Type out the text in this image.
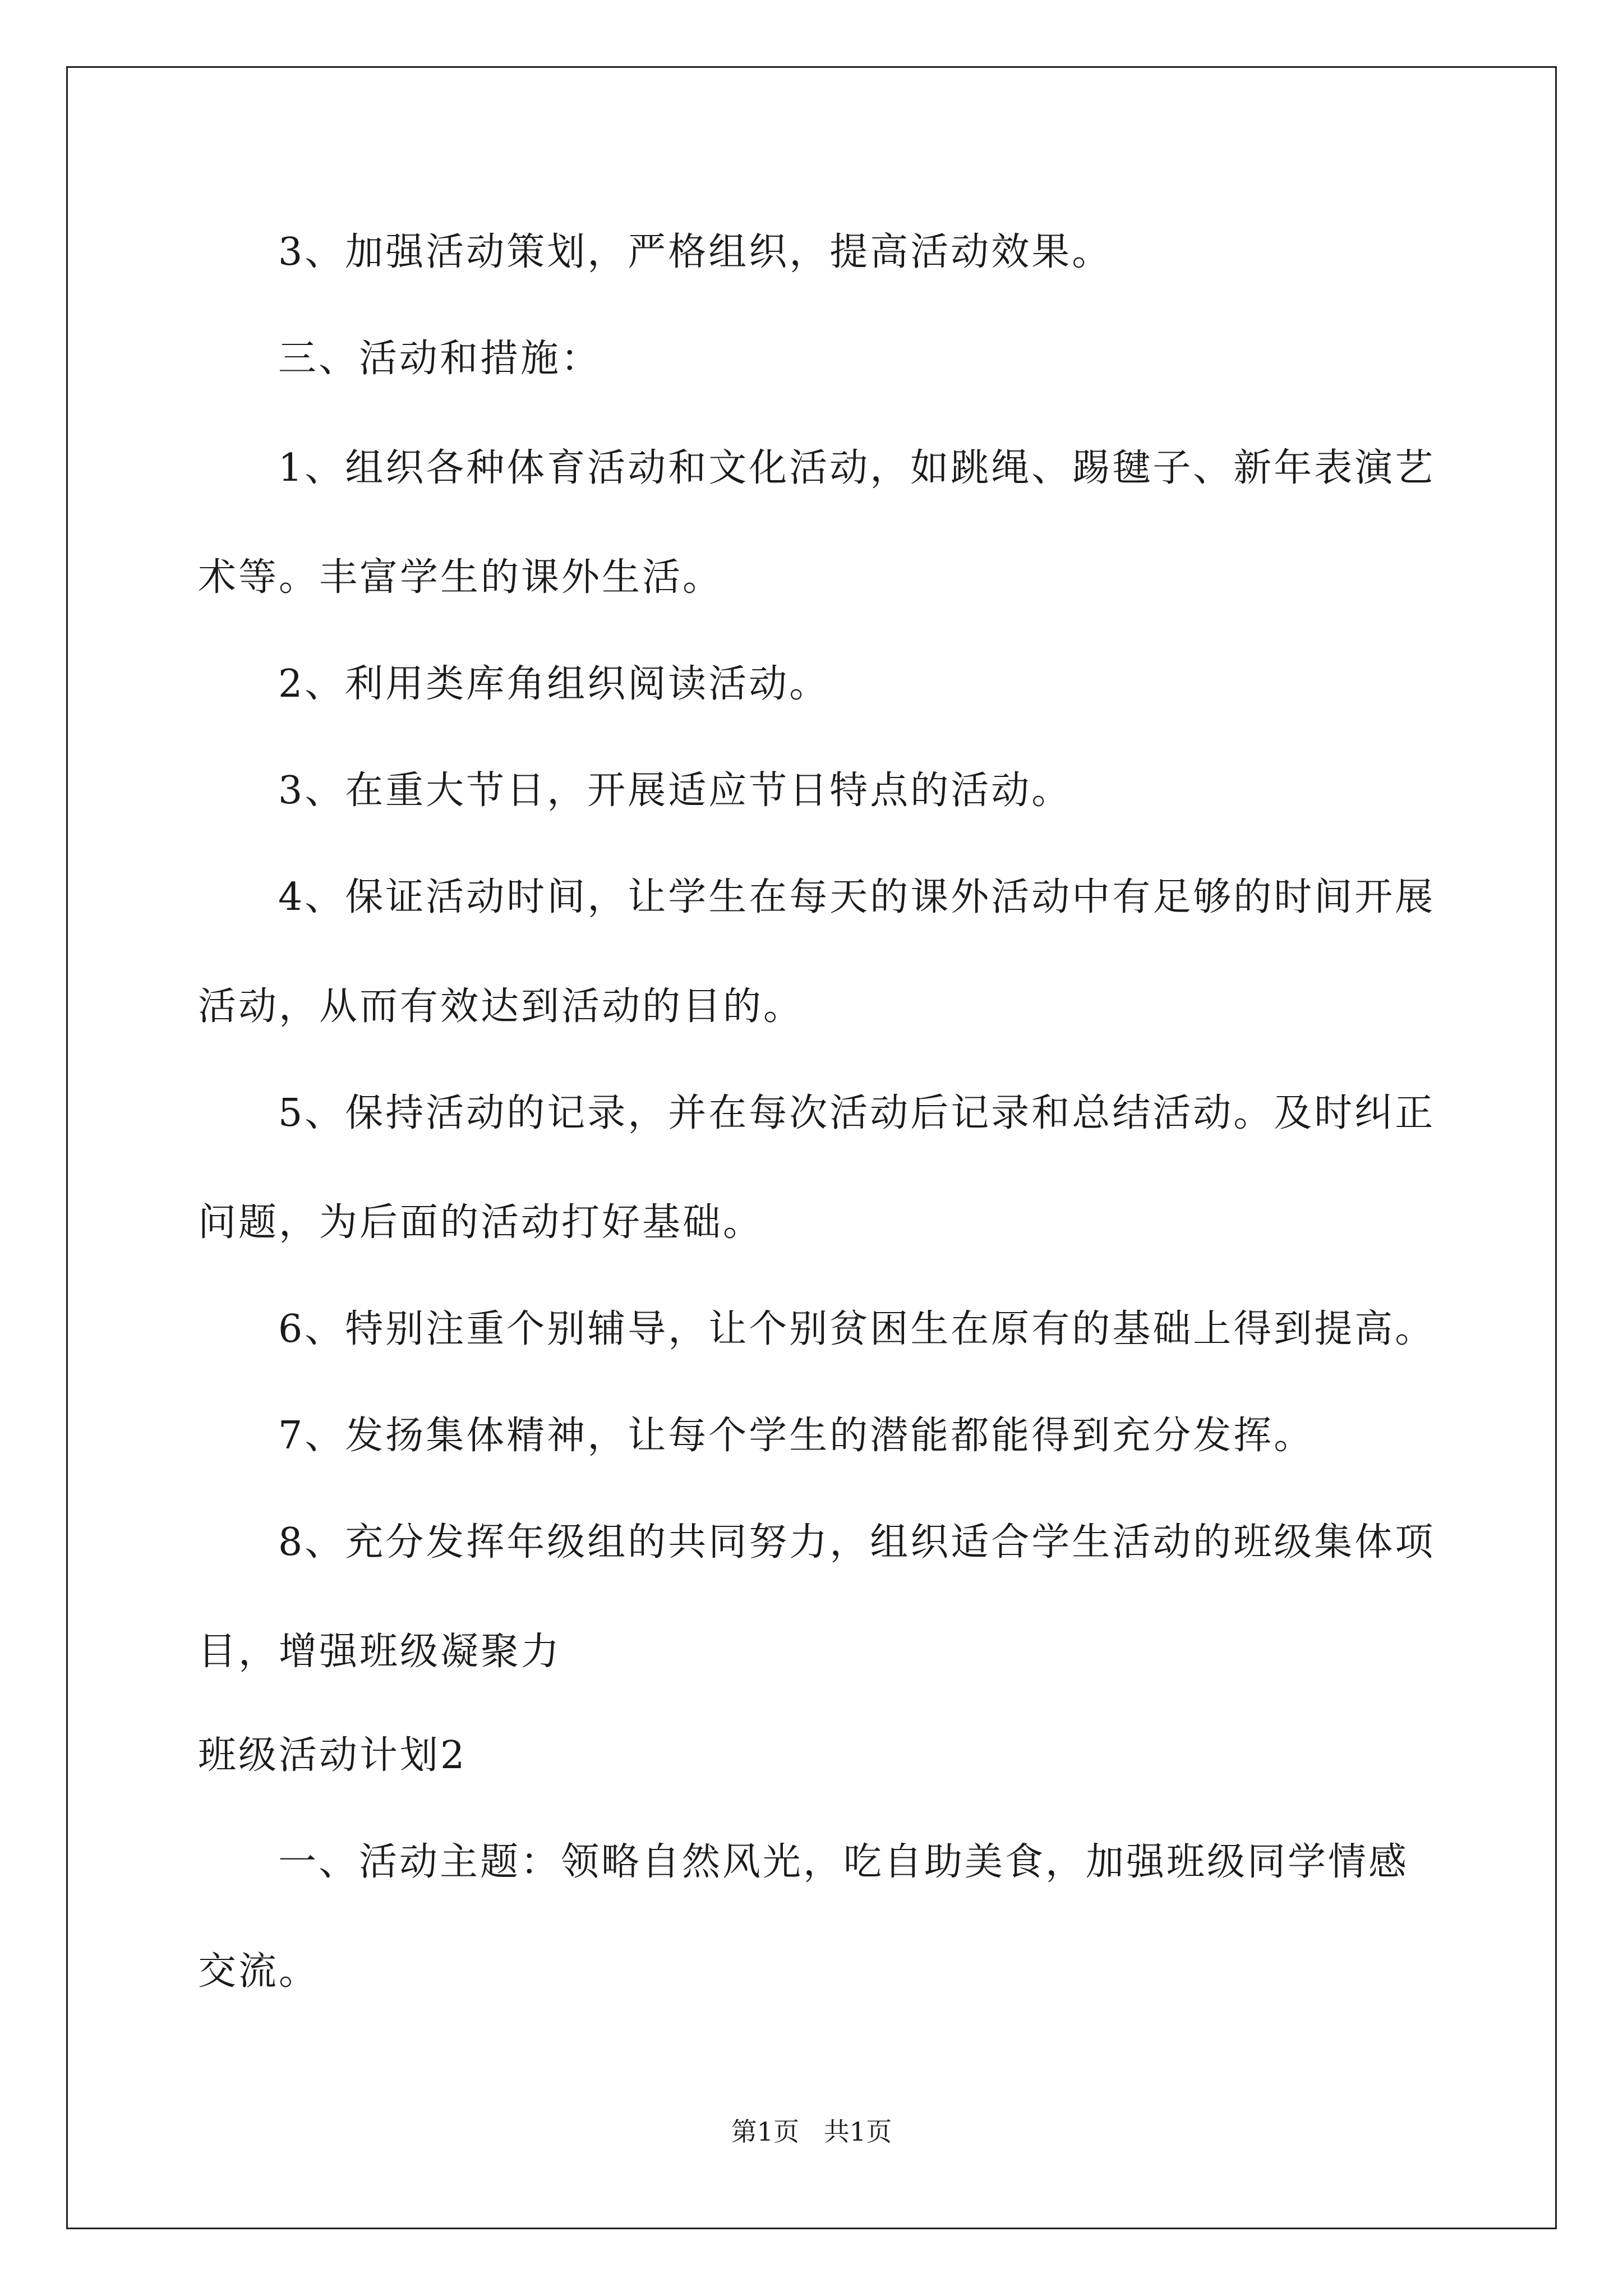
3、加强活动策划，严格组织，提高活动效果。
三、活动和措施：
1、组织各种体育活动和文化活动，如跳绳、踢毽子、新年表演艺
术等。丰富学生的课外生活。
2、利用类库角组织阅读活动。
3、在重大节日，开展适应节日特点的活动。
4、保证活动时间，让学生在每天的课外活动中有足够的时间开展
活动，从而有效达到活动的目的。
5、保持活动的记录，并在每次活动后记录和总结活动。及时纠正
问题，为后面的活动打好基础。
6、特别注重个别辅导，让个别贫困生在原有的基础上得到提高。
7、发扬集体精神，让每个学生的潜能都能得到充分发挥。
8、充分发挥年级组的共同努力，组织适合学生活动的班级集体项
目，增强班级凝聚力
班级活动计划2
一、活动主题：领略自然风光，吃自助美食，加强班级同学情感
交流。
第1页   共1页
